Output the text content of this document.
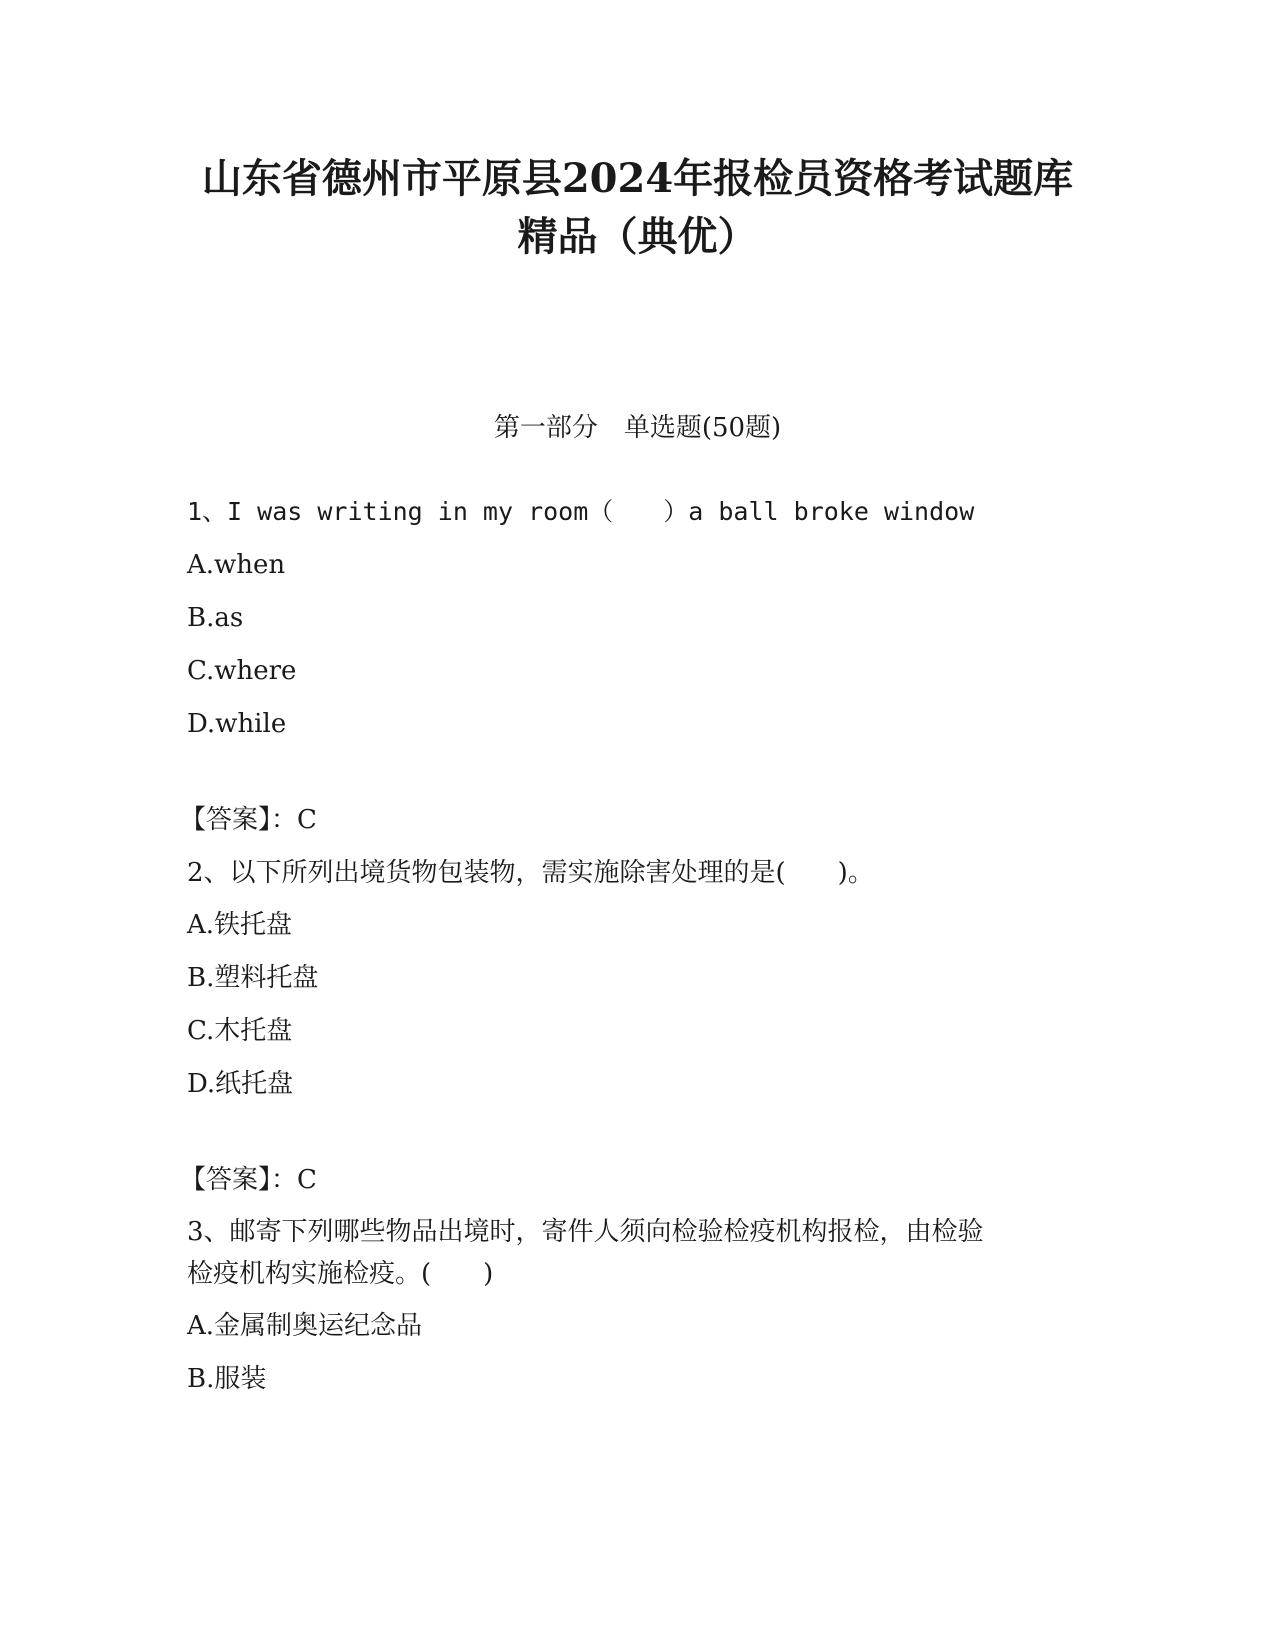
山东省德州市平原县2024年报检员资格考试题库
精品（典优）
第一部分　单选题(50题)
1、I was writing in my room（　　）a ball broke window
A.when
B.as
C.where
D.while
【答案】：C
2、以下所列出境货物包装物，需实施除害处理的是(　　)。
A.铁托盘
B.塑料托盘
C.木托盘
D.纸托盘
【答案】：C
3、邮寄下列哪些物品出境时，寄件人须向检验检疫机构报检，由检验
检疫机构实施检疫。(　　)
A.金属制奥运纪念品
B.服装
